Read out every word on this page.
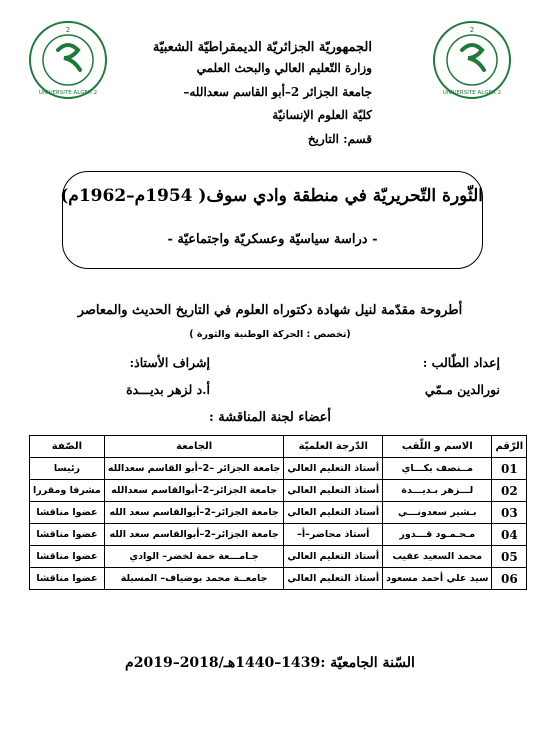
2
UNIVERSITE ALGER 2
2
UNIVERSITE ALGER 2
الجمهوريّة الجزائريّة الديمقراطيّة الشعبيّة
وزارة التّعليم العالي والبحث العلمي
جامعة الجزائر 2–أبو القاسم سعدالله–
كليّة العلوم الإنسانيّة
قسم: التاريخ
الثّورة التّحريريّة في منطقة وادي سوف( 1954م–1962م)
- دراسة سياسيّة وعسكريّة واجتماعيّة -
أطروحة مقدّمة لنيل شهادة دكتوراه العلوم في التاريخ الحديث والمعاصر
(تخصص : الحركة الوطنية والثورة )
إعداد الطّالب :
إشراف الأستاذ:
نورالدين مـمّي
أ.د لزهر بديـــدة
أعضاء لجنة المناقشة :
الرّقم	الاسم و اللّقب	الدّرجة العلميّة	الجامعة	الصّفة
01	مــنصف بكـــاي	أستاذ التعليم العالي	جامعة الجزائر –2–أبو القاسم سعدالله	رئيسا
02	لـــزهر بـديـــدة	أستاذ التعليم العالي	جامعة الجزائر–2–أبوالقاسم سعدالله	مشرفا ومقررا
03	بـشير سعدونـــي	أستاذ التعليم العالي	جامعة الجزائر–2–أبوالقاسم سعد الله	عضوا مناقشا
04	مـحـمـود قـــدور	أستاذ محاضر–أ–	جامعة الجزائر–2–أبوالقاسم سعد الله	عضوا مناقشا
05	محمد السعيد عقيب	أستاذ التعليم العالي	جـامـــعة حمة لخضر– الوادي	عضوا مناقشا
06	سيد علي أحمد مسعود	أستاذ التعليم العالي	جامعــة محمد بوضياف– المسيلة	عضوا مناقشا
السّنة الجامعيّة :1439–1440هـ/2018–2019م
